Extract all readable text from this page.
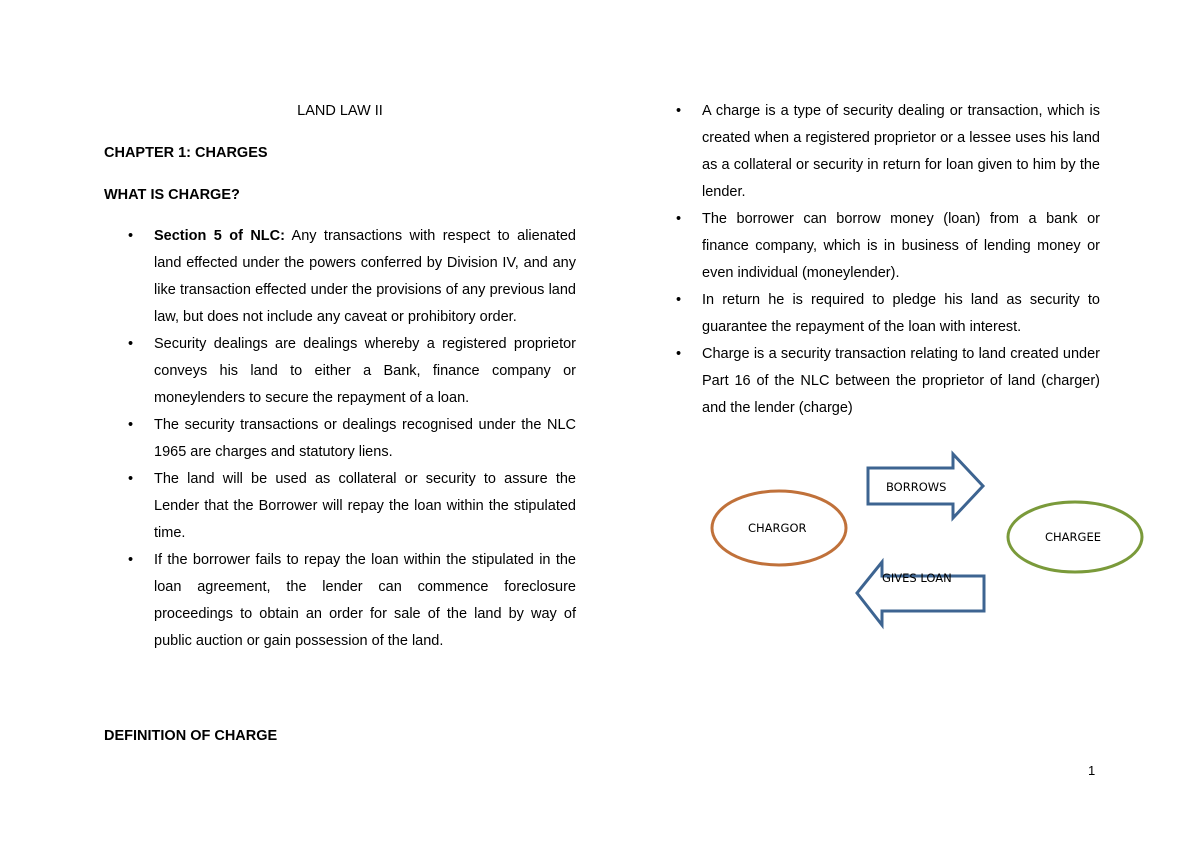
LAND LAW II
CHAPTER 1: CHARGES
WHAT IS CHARGE?
• Section 5 of NLC: Any transactions with respect to alienated land effected under the powers conferred by Division IV, and any like transaction effected under the provisions of any previous land law, but does not include any caveat or prohibitory order.
• Security dealings are dealings whereby a registered proprietor conveys his land to either a Bank, finance company or moneylenders to secure the repayment of a loan.
• The security transactions or dealings recognised under the NLC 1965 are charges and statutory liens.
• The land will be used as collateral or security to assure the Lender that the Borrower will repay the loan within the stipulated time.
• If the borrower fails to repay the loan within the stipulated in the loan agreement, the lender can commence foreclosure proceedings to obtain an order for sale of the land by way of public auction or gain possession of the land.
DEFINITION OF CHARGE
• A charge is a type of security dealing or transaction, which is created when a registered proprietor or a lessee uses his land as a collateral or security in return for loan given to him by the lender.
• The borrower can borrow money (loan) from a bank or finance company, which is in business of lending money or even individual (moneylender).
• In return he is required to pledge his land as security to guarantee the repayment of the loan with interest.
• Charge is a security transaction relating to land created under Part 16 of the NLC between the proprietor of land (charger) and the lender (charge)
CHARGOR
CHARGEE
BORROWS
GIVES LOAN
1
